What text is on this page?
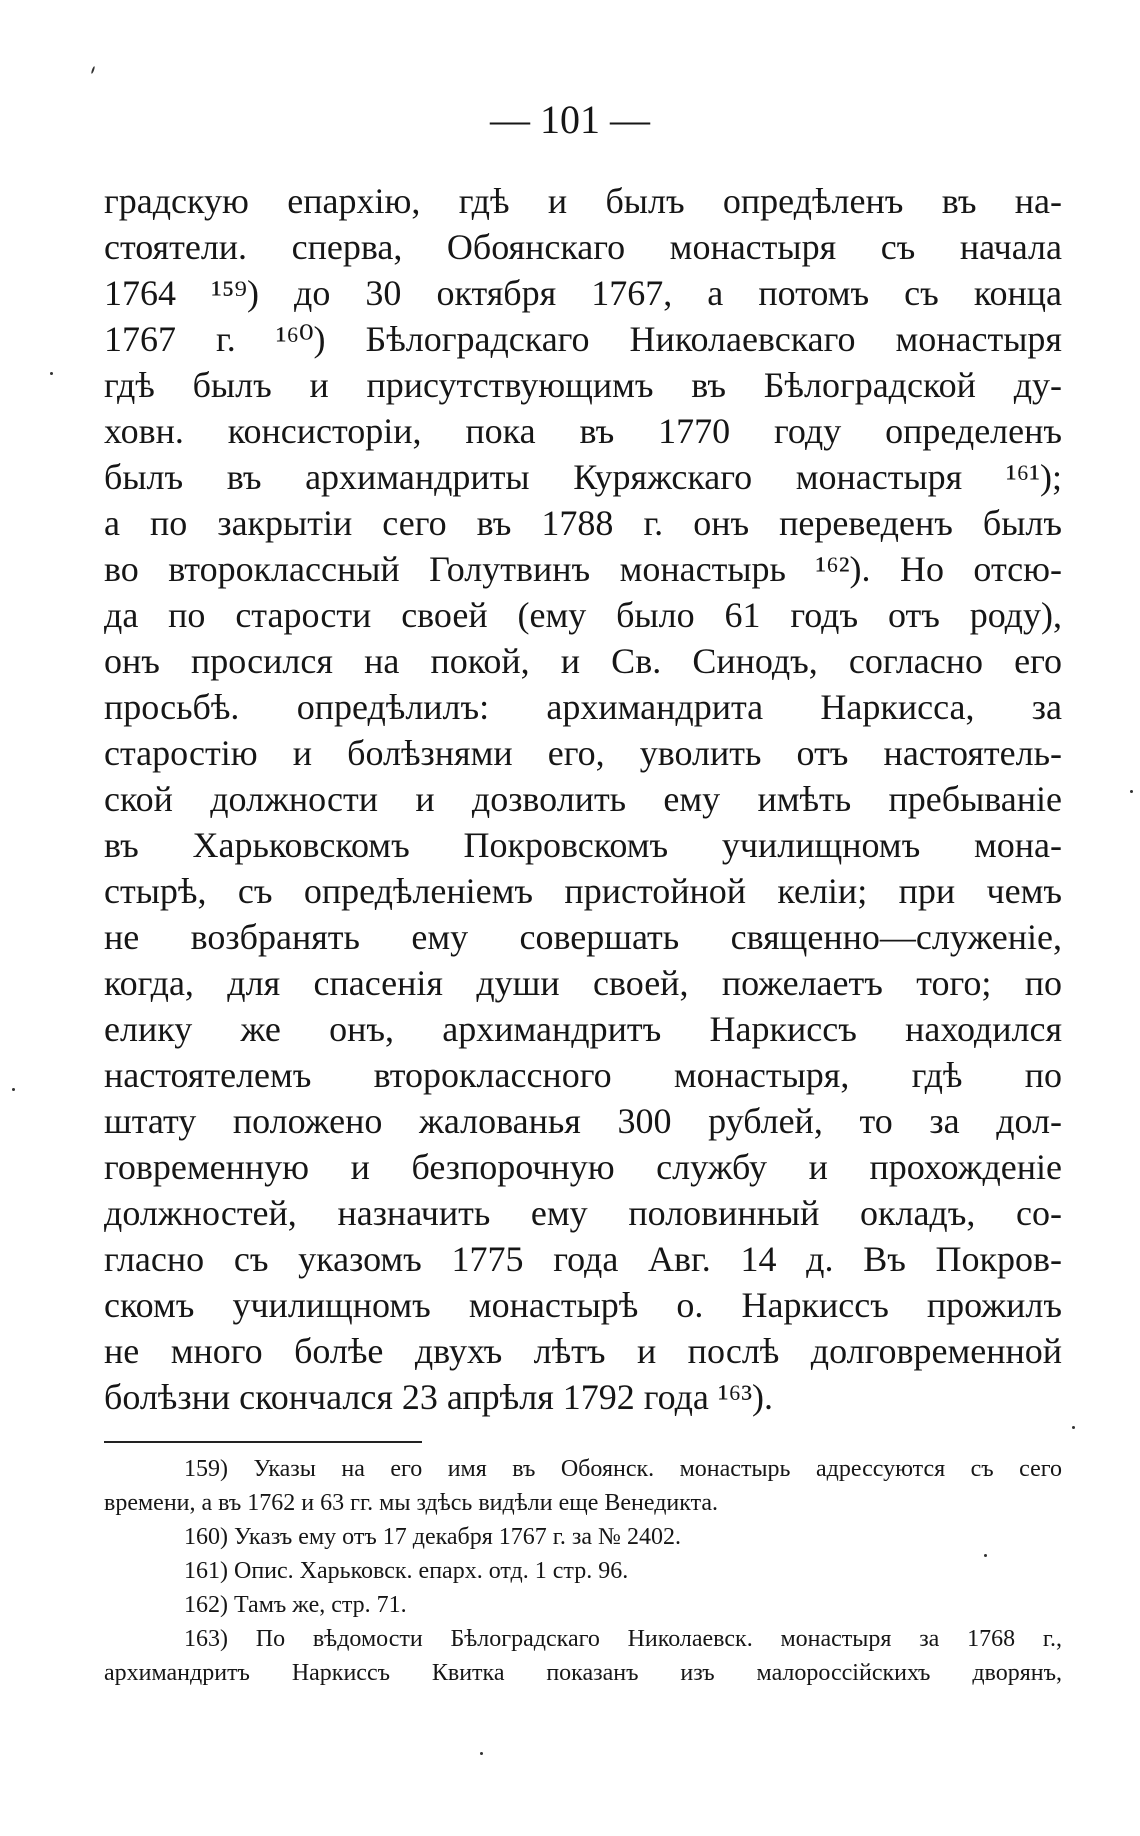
— 101 —
градскую епархію, гдѣ и былъ опредѣленъ въ на-
стоятели. сперва, Обоянскаго монастыря съ начала
1764 ¹⁵⁹) до 30 октября 1767, а потомъ съ конца
1767 г. ¹⁶⁰) Бѣлоградскаго Николаевскаго монастыря
гдѣ былъ и присутствующимъ въ Бѣлоградской ду-
ховн. консисторіи, пока въ 1770 году определенъ
былъ въ архимандриты Куряжскаго монастыря ¹⁶¹);
а по закрытіи сего въ 1788 г. онъ переведенъ былъ
во второклассный Голутвинъ монастырь ¹⁶²). Но отсю-
да по старости своей (ему было 61 годъ отъ роду),
онъ просился на покой, и Св. Синодъ, согласно его
просьбѣ. опредѣлилъ: архимандрита Наркисса, за
старостію и болѣзнями его, уволить отъ настоятель-
ской должности и дозволить ему имѣть пребываніе
въ Харьковскомъ Покровскомъ училищномъ мона-
стырѣ, съ опредѣленіемъ пристойной келіи; при чемъ
не возбранять ему совершать священно—служеніе,
когда, для спасенія души своей, пожелаетъ того; по
елику же онъ, архимандритъ Наркиссъ находился
настоятелемъ второклассного монастыря, гдѣ по
штату положено жалованья 300 рублей, то за дол-
говременную и безпорочную службу и прохожденіе
должностей, назначить ему половинный окладъ, со-
гласно съ указомъ 1775 года Авг. 14 д. Въ Покров-
скомъ училищномъ монастырѣ о. Наркиссъ прожилъ
не много болѣе двухъ лѣтъ и послѣ долговременной
болѣзни скончался 23 апрѣля 1792 года ¹⁶³).
159) Указы на его имя въ Обоянск. монастырь адрессуются съ сего
времени, а въ 1762 и 63 гг. мы здѣсь видѣли еще Венедикта.
160) Указъ ему отъ 17 декабря 1767 г. за № 2402.
161) Опис. Харьковск. епарх. отд. 1 стр. 96.
162) Тамъ же, стр. 71.
163) По вѣдомости Бѣлоградскаго Николаевск. монастыря за 1768 г.,
архимандритъ Наркиссъ Квитка показанъ изъ малороссійскихъ дворянъ,
